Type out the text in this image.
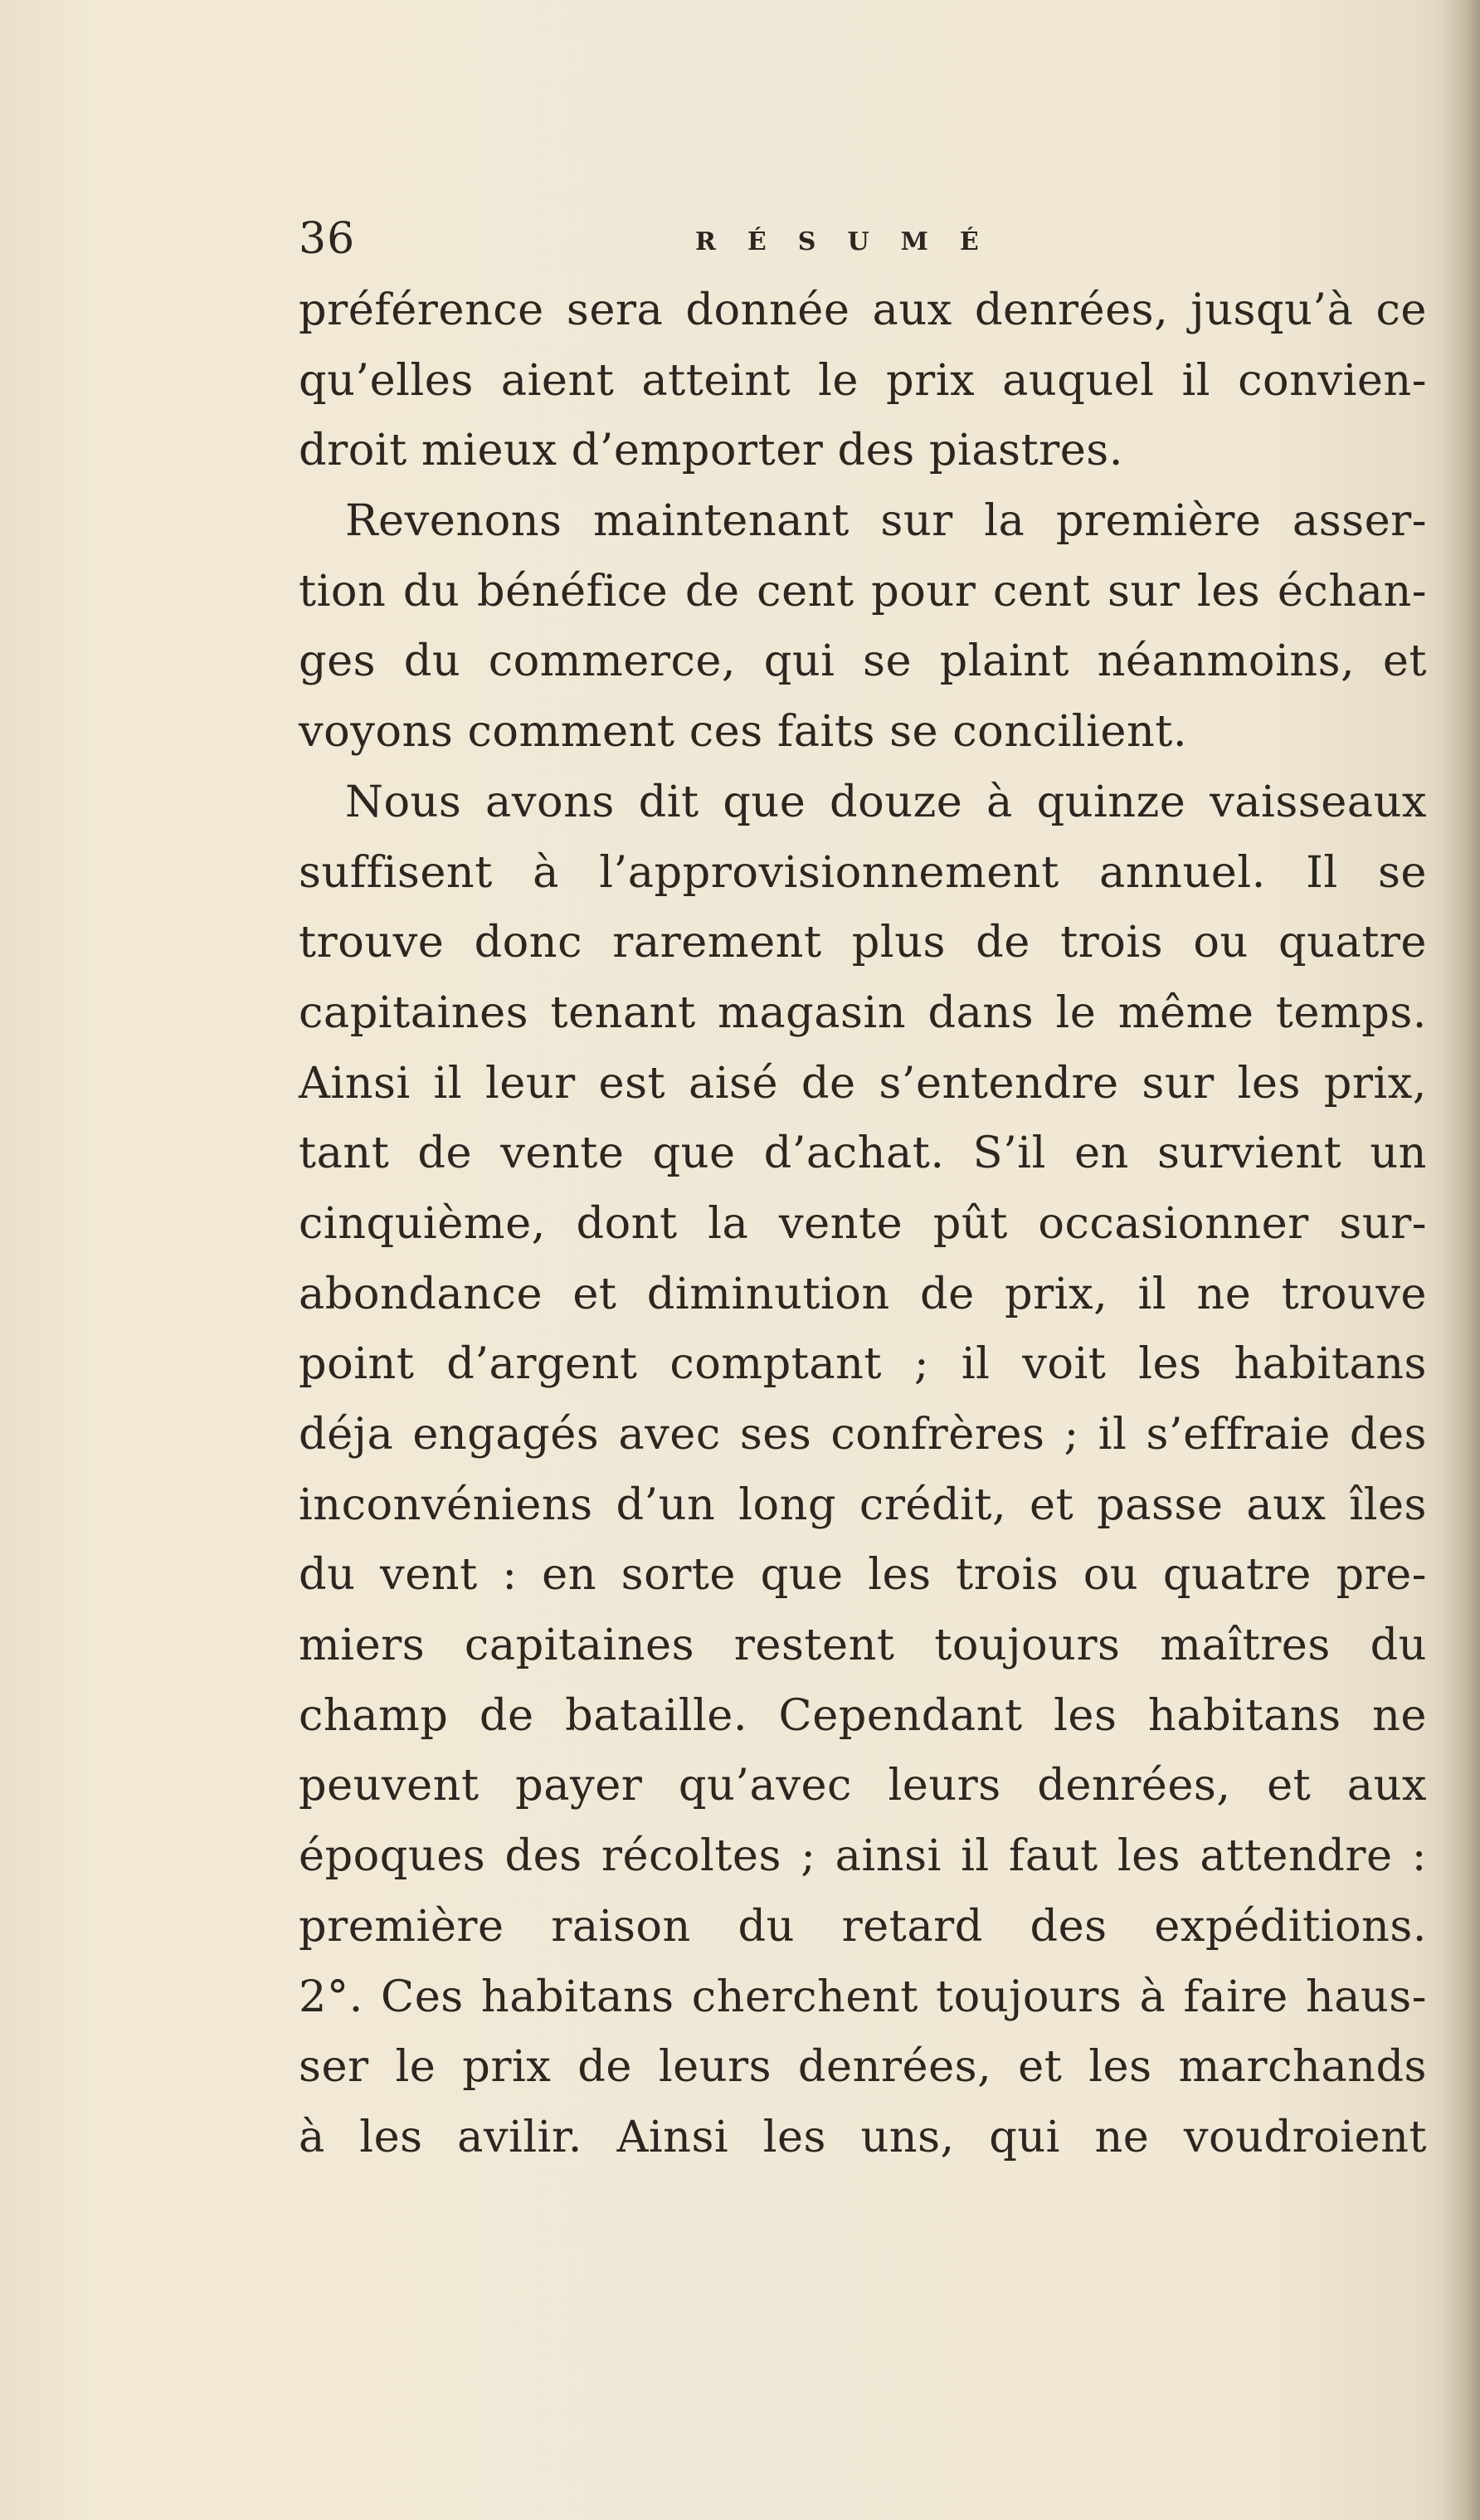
36	RÉSUMÉ
préférence sera donnée aux denrées, jusqu’à ce
qu’elles aient atteint le prix auquel il convien-
droit mieux d’emporter des piastres.
Revenons maintenant sur la première asser-
tion du bénéfice de cent pour cent sur les échan-
ges du commerce, qui se plaint néanmoins, et
voyons comment ces faits se concilient.
Nous avons dit que douze à quinze vaisseaux
suffisent à l’approvisionnement annuel. Il se
trouve donc rarement plus de trois ou quatre
capitaines tenant magasin dans le même temps.
Ainsi il leur est aisé de s’entendre sur les prix,
tant de vente que d’achat. S’il en survient un
cinquième, dont la vente pût occasionner sur-
abondance et diminution de prix, il ne trouve
point d’argent comptant ; il voit les habitans
déja engagés avec ses confrères ; il s’effraie des
inconvéniens d’un long crédit, et passe aux îles
du vent : en sorte que les trois ou quatre pre-
miers capitaines restent toujours maîtres du
champ de bataille. Cependant les habitans ne
peuvent payer qu’avec leurs denrées, et aux
époques des récoltes ; ainsi il faut les attendre :
première raison du retard des expéditions.
2°. Ces habitans cherchent toujours à faire haus-
ser le prix de leurs denrées, et les marchands
à les avilir. Ainsi les uns, qui ne voudroient
